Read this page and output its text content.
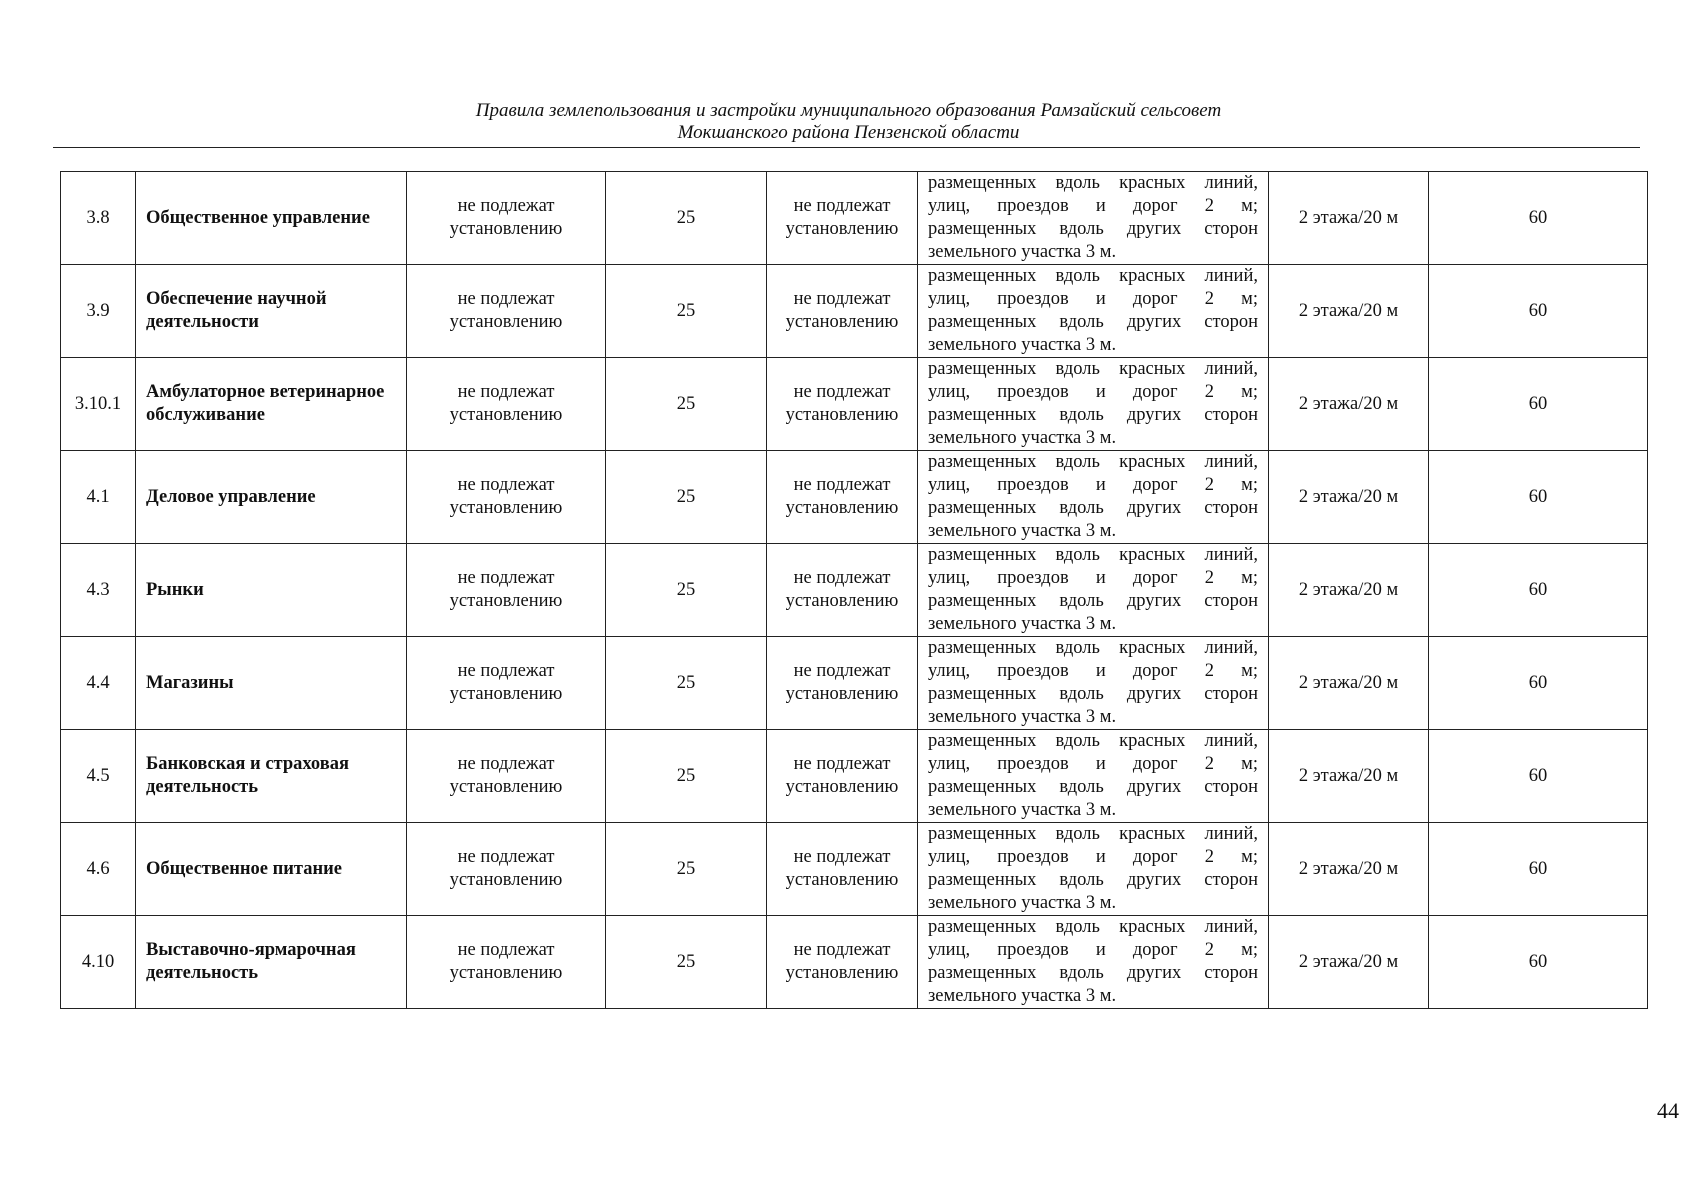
Правила землепользования и застройки муниципального образования Рамзайский сельсовет
Мокшанского района Пензенской области
3.8	Общественное управление	не подлежат установлению	25	не подлежат установлению	размещенных вдоль красных линий,
улиц, проездов и дорог 2 м;
размещенных вдоль других сторон
земельного участка 3 м.	2 этажа/20 м	60
3.9	Обеспечение научной деятельности	не подлежат установлению	25	не подлежат установлению	размещенных вдоль красных линий,
улиц, проездов и дорог 2 м;
размещенных вдоль других сторон
земельного участка 3 м.	2 этажа/20 м	60
3.10.1	Амбулаторное ветеринарное обслуживание	не подлежат установлению	25	не подлежат установлению	размещенных вдоль красных линий,
улиц, проездов и дорог 2 м;
размещенных вдоль других сторон
земельного участка 3 м.	2 этажа/20 м	60
4.1	Деловое управление	не подлежат установлению	25	не подлежат установлению	размещенных вдоль красных линий,
улиц, проездов и дорог 2 м;
размещенных вдоль других сторон
земельного участка 3 м.	2 этажа/20 м	60
4.3	Рынки	не подлежат установлению	25	не подлежат установлению	размещенных вдоль красных линий,
улиц, проездов и дорог 2 м;
размещенных вдоль других сторон
земельного участка 3 м.	2 этажа/20 м	60
4.4	Магазины	не подлежат установлению	25	не подлежат установлению	размещенных вдоль красных линий,
улиц, проездов и дорог 2 м;
размещенных вдоль других сторон
земельного участка 3 м.	2 этажа/20 м	60
4.5	Банковская и страховая деятельность	не подлежат установлению	25	не подлежат установлению	размещенных вдоль красных линий,
улиц, проездов и дорог 2 м;
размещенных вдоль других сторон
земельного участка 3 м.	2 этажа/20 м	60
4.6	Общественное питание	не подлежат установлению	25	не подлежат установлению	размещенных вдоль красных линий,
улиц, проездов и дорог 2 м;
размещенных вдоль других сторон
земельного участка 3 м.	2 этажа/20 м	60
4.10	Выставочно-ярмарочная деятельность	не подлежат установлению	25	не подлежат установлению	размещенных вдоль красных линий,
улиц, проездов и дорог 2 м;
размещенных вдоль других сторон
земельного участка 3 м.	2 этажа/20 м	60
44
